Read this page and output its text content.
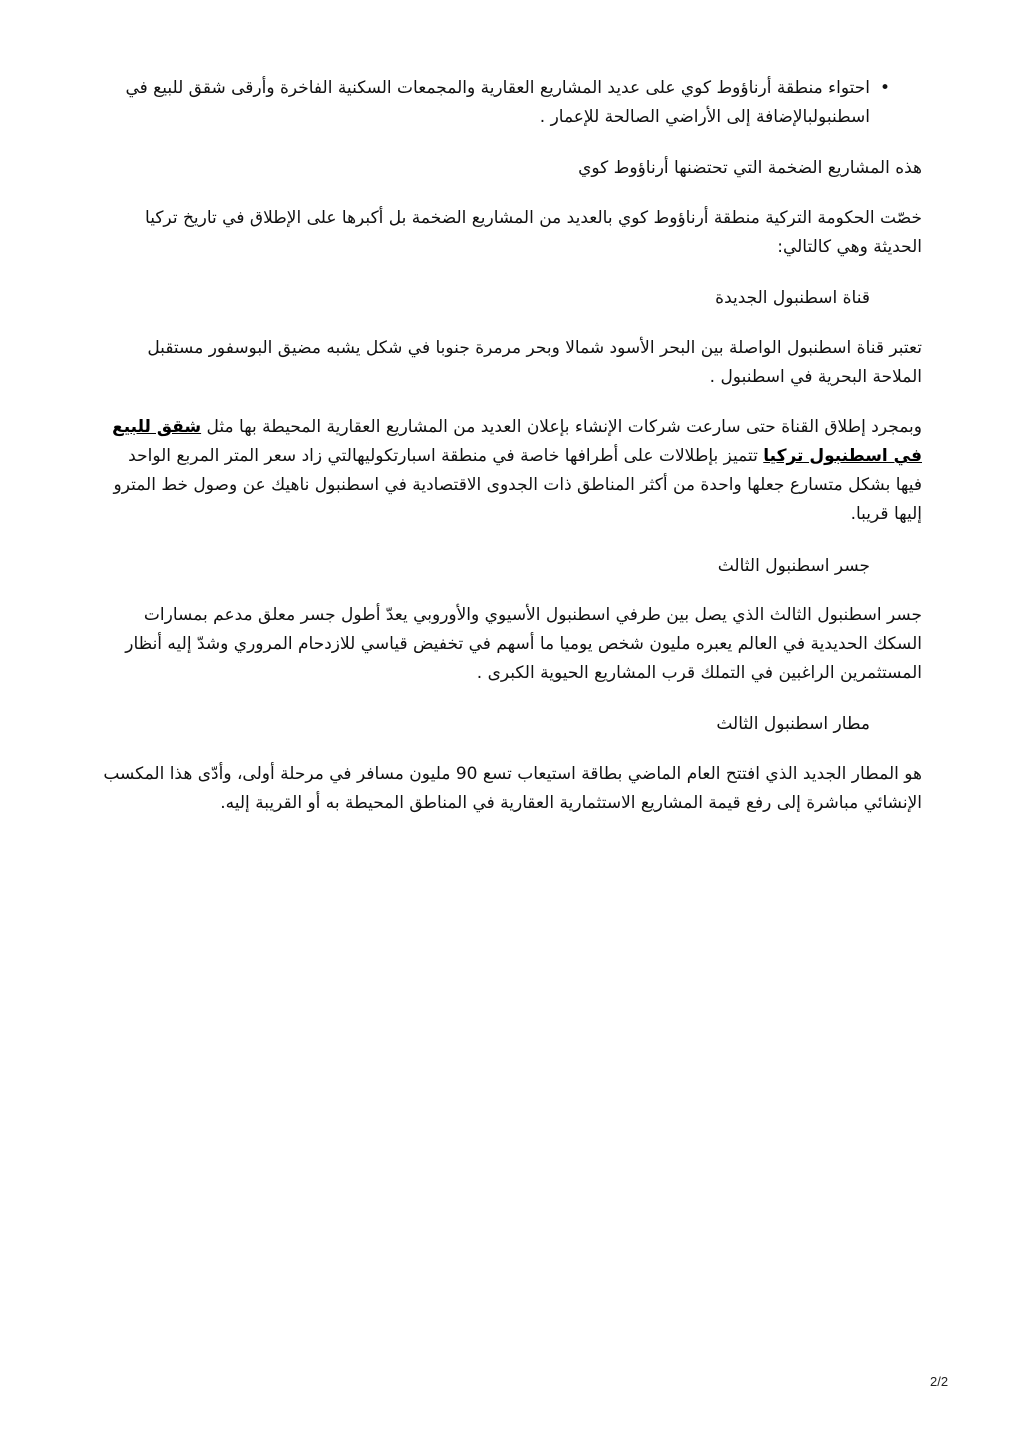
•
احتواء منطقة أرناؤوط كوي على عديد المشاريع العقارية والمجمعات السكنية الفاخرة وأرقى شقق للبيع في اسطنبولبالإضافة إلى الأراضي الصالحة للإعمار .
هذه المشاريع الضخمة التي تحتضنها أرناؤوط كوي
خصّت الحكومة التركية منطقة أرناؤوط كوي بالعديد من المشاريع الضخمة بل أكبرها على الإطلاق في تاريخ تركيا الحديثة وهي كالتالي:
قناة اسطنبول الجديدة
تعتبر قناة اسطنبول الواصلة بين البحر الأسود شمالا وبحر مرمرة جنوبا في شكل يشبه مضيق البوسفور مستقبل الملاحة البحرية في اسطنبول .
وبمجرد إطلاق القناة حتى سارعت شركات الإنشاء بإعلان العديد من المشاريع العقارية المحيطة بها مثل شقق للبيع في اسطنبول تركيا تتميز بإطلالات على أطرافها خاصة في منطقة اسبارتكوليهالتي زاد سعر المتر المربع الواحد فيها بشكل متسارع جعلها واحدة من أكثر المناطق ذات الجدوى الاقتصادية في اسطنبول ناهيك عن وصول خط المترو إليها قريبا.
جسر اسطنبول الثالث
جسر اسطنبول الثالث الذي يصل بين طرفي اسطنبول الأسيوي والأوروبي يعدّ أطول جسر معلق مدعم بمسارات السكك الحديدية في العالم يعبره مليون شخص يوميا ما أسهم في تخفيض قياسي للازدحام المروري وشدّ إليه أنظار المستثمرين الراغبين في التملك قرب المشاريع الحيوية الكبرى .
مطار اسطنبول الثالث
هو المطار الجديد الذي افتتح العام الماضي بطاقة استيعاب تسع 90 مليون مسافر في مرحلة أولى، وأدّى هذا المكسب الإنشائي مباشرة إلى رفع قيمة المشاريع الاستثمارية العقارية في المناطق المحيطة به أو القريبة إليه.
2/2
